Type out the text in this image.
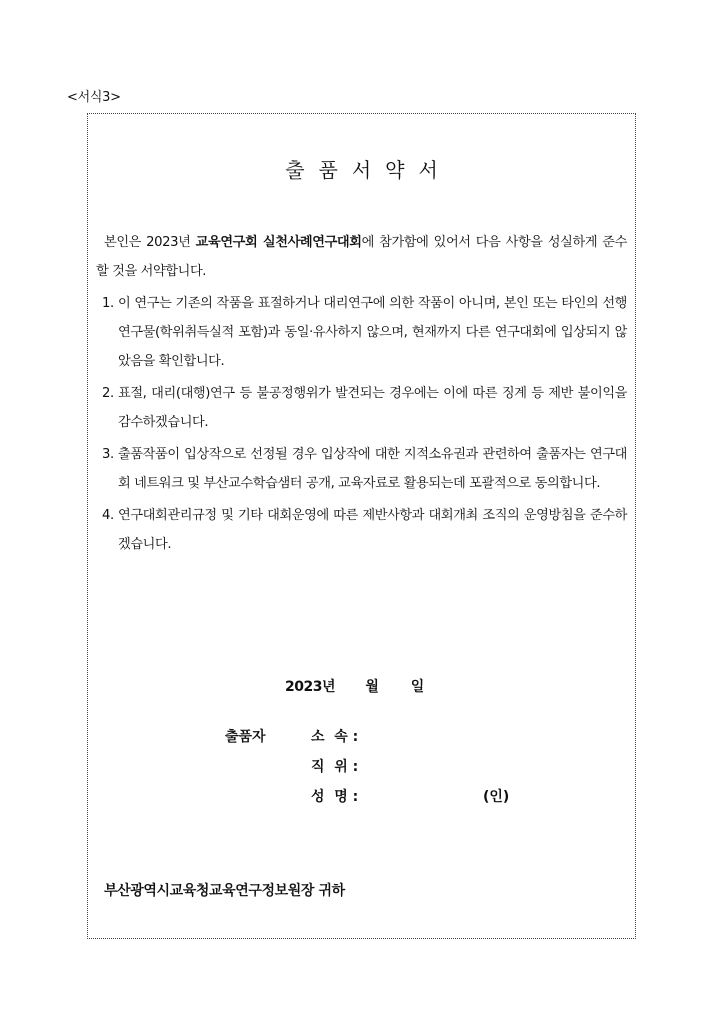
<서식3>
출품서약서

본인은 2023년 교육연구회 실천사례연구대회에 참가함에 있어서 다음 사항을 성실하게 준수할 것을 서약합니다.

1. 이 연구는 기존의 작품을 표절하거나 대리연구에 의한 작품이 아니며, 본인 또는 타인의 선행연구물(학위취득실적 포함)과 동일·유사하지 않으며, 현재까지 다른 연구대회에 입상되지 않았음을 확인합니다.
2. 표절, 대리(대행)연구 등 불공정행위가 발견되는 경우에는 이에 따른 징계 등 제반 불이익을 감수하겠습니다.
3. 출품작품이 입상작으로 선정될 경우 입상작에 대한 지적소유권과 관련하여 출품자는 연구대회 네트워크 및 부산교수학습샘터 공개, 교육자료로 활용되는데 포괄적으로 동의합니다.
4. 연구대회관리규정 및 기타 대회운영에 따른 제반사항과 대회개최 조직의 운영방침을 준수하겠습니다.
2023년 월 일
출품자	소  속 :
직  위 :
성  명 :	(인)
부산광역시교육청교육연구정보원장 귀하
